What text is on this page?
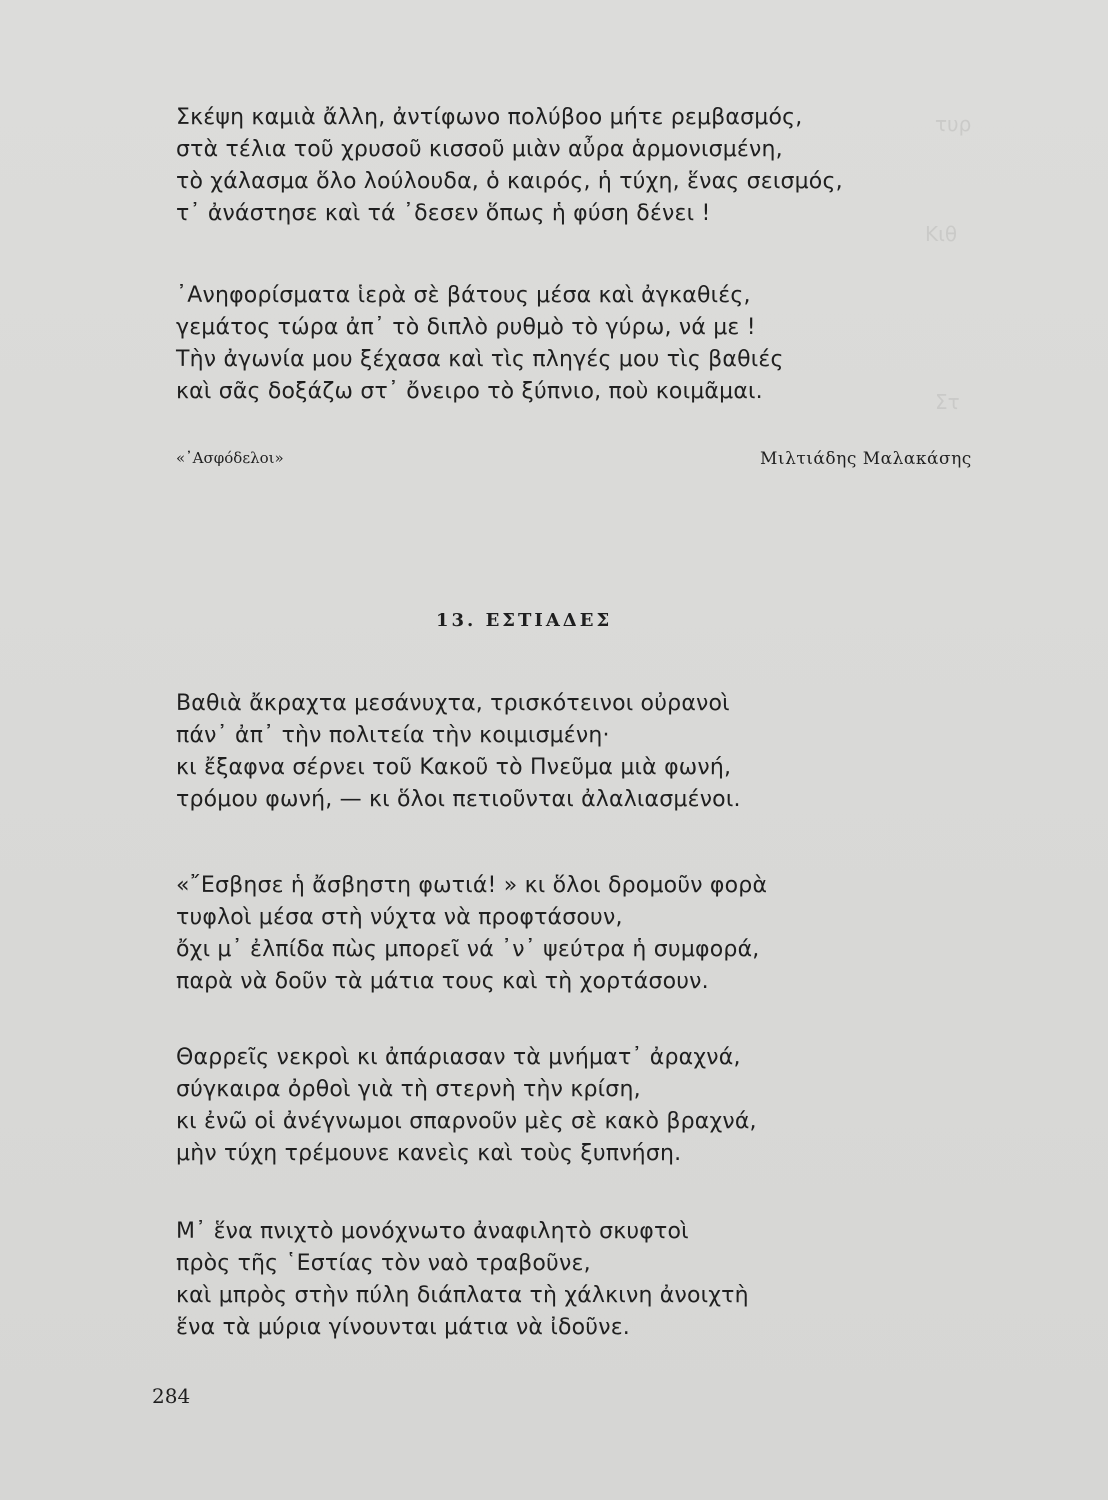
τυρ
Κιθ
Στ
Σκέψη καμιὰ ἄλλη, ἀντίφωνο πολύβοο μήτε ρεμβασμός,
στὰ τέλια τοῦ χρυσοῦ κισσοῦ μιὰν αὖρα ἁρμονισμένη,
τὸ χάλασμα ὅλο λούλουδα, ὁ καιρός, ἡ τύχη, ἕνας σεισμός,
τ᾿ ἀνάστησε καὶ τά ᾿δεσεν ὅπως ἡ φύση δένει !
᾿Ανηφορίσματα ἱερὰ σὲ βάτους μέσα καὶ ἀγκαθιές,
γεμάτος τώρα ἀπ᾿ τὸ διπλὸ ρυθμὸ τὸ γύρω, νά με !
Τὴν ἀγωνία μου ξέχασα καὶ τὶς πληγές μου τὶς βαθιές
καὶ σᾶς δοξάζω στ᾿ ὄνειρο τὸ ξύπνιο, ποὺ κοιμᾶμαι.
«᾿Ασφόδελοι»	Μιλτιάδης Μαλακάσης
13. ΕΣΤΙΑΔΕΣ
Βαθιὰ ἄκραχτα μεσάνυχτα, τρισκότεινοι οὐρανοὶ
πάν᾿ ἀπ᾿ τὴν πολιτεία τὴν κοιμισμένη·
κι ἔξαφνα σέρνει τοῦ Κακοῦ τὸ Πνεῦμα μιὰ φωνή,
τρόμου φωνή, — κι ὅλοι πετιοῦνται ἀλαλιασμένοι.
«῎Εσβησε ἡ ἄσβηστη φωτιά! » κι ὅλοι δρομοῦν φορὰ
τυφλοὶ μέσα στὴ νύχτα νὰ προφτάσουν,
ὄχι μ᾿ ἐλπίδα πὼς μπορεῖ νά ᾿ν᾿ ψεύτρα ἡ συμφορά,
παρὰ νὰ δοῦν τὰ μάτια τους καὶ τὴ χορτάσουν.
Θαρρεῖς νεκροὶ κι ἀπάριασαν τὰ μνήματ᾿ ἀραχνά,
σύγκαιρα ὀρθοὶ γιὰ τὴ στερνὴ τὴν κρίση,
κι ἐνῶ οἱ ἀνέγνωμοι σπαρνοῦν μὲς σὲ κακὸ βραχνά,
μὴν τύχη τρέμουνε κανεὶς καὶ τοὺς ξυπνήση.
Μ᾿ ἕνα πνιχτὸ μονόχνωτο ἀναφιλητὸ σκυφτοὶ
πρὸς τῆς ῾Εστίας τὸν ναὸ τραβοῦνε,
καὶ μπρὸς στὴν πύλη διάπλατα τὴ χάλκινη ἀνοιχτὴ
ἕνα τὰ μύρια γίνουνται μάτια νὰ ἰδοῦνε.
284
